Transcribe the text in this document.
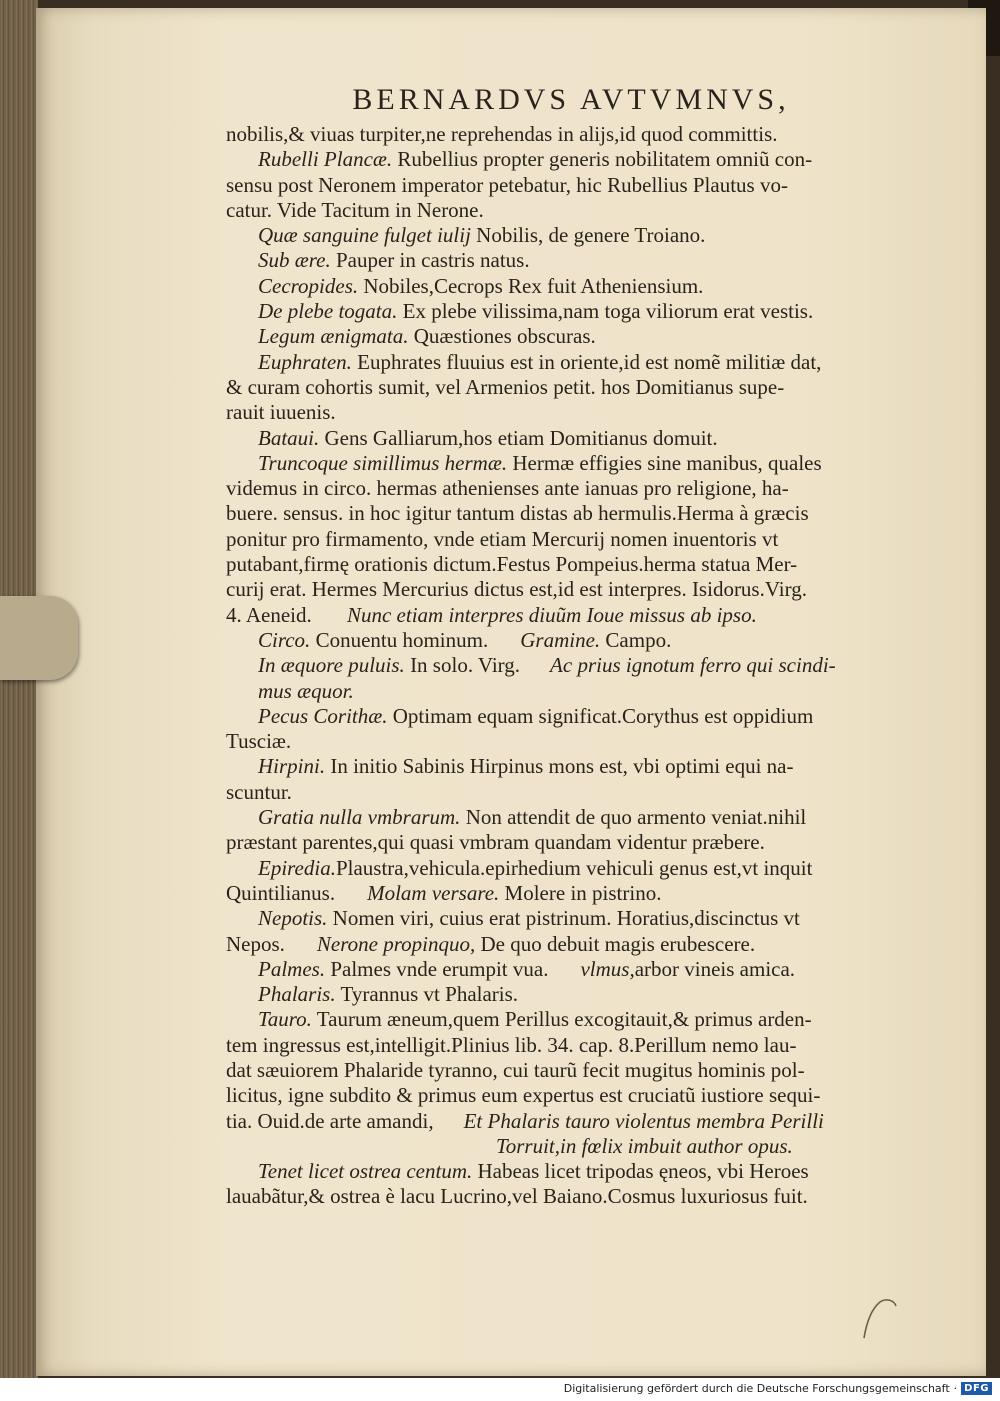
BERNARDVS AVTVMNVS,
nobilis,& viuas turpiter,ne reprehendas in alijs,id quod committis.
Rubelli Plancæ. Rubellius propter generis nobilitatem omniũ con-
sensu post Neronem imperator petebatur, hic Rubellius Plautus vo-
catur. Vide Tacitum in Nerone.
Quæ sanguine fulget iulij Nobilis, de genere Troiano.
Sub ære. Pauper in castris natus.
Cecropides. Nobiles,Cecrops Rex fuit Atheniensium.
De plebe togata. Ex plebe vilissima,nam toga viliorum erat vestis.
Legum ænigmata. Quæstiones obscuras.
Euphraten. Euphrates fluuius est in oriente,id est nomẽ militiæ dat,
& curam cohortis sumit, vel Armenios petit. hos Domitianus supe-
rauit iuuenis.
Bataui. Gens Galliarum,hos etiam Domitianus domuit.
Truncoque simillimus hermæ. Hermæ effigies sine manibus, quales
videmus in circo. hermas athenienses ante ianuas pro religione, ha-
buere. sensus. in hoc igitur tantum distas ab hermulis.Herma à græcis
ponitur pro firmamento, vnde etiam Mercurij nomen inuentoris vt
putabant,firmę orationis dictum.Festus Pompeius.herma statua Mer-
curij erat. Hermes Mercurius dictus est,id est interpres. Isidorus.Virg.
4. Aeneid. Nunc etiam interpres diuũm Ioue missus ab ipso.
Circo. Conuentu hominum. Gramine. Campo.
In æquore puluis. In solo. Virg. Ac prius ignotum ferro qui scindi-
mus æquor.
Pecus Corithæ. Optimam equam significat.Corythus est oppidium
Tusciæ.
Hirpini. In initio Sabinis Hirpinus mons est, vbi optimi equi na-
scuntur.
Gratia nulla vmbrarum. Non attendit de quo armento veniat.nihil
præstant parentes,qui quasi vmbram quandam videntur præbere.
Epiredia.Plaustra,vehicula.epirhedium vehiculi genus est,vt inquit
Quintilianus. Molam versare. Molere in pistrino.
Nepotis. Nomen viri, cuius erat pistrinum. Horatius,discinctus vt
Nepos. Nerone propinquo, De quo debuit magis erubescere.
Palmes. Palmes vnde erumpit vua. vlmus,arbor vineis amica.
Phalaris. Tyrannus vt Phalaris.
Tauro. Taurum æneum,quem Perillus excogitauit,& primus arden-
tem ingressus est,intelligit.Plinius lib. 34. cap. 8.Perillum nemo lau-
dat sæuiorem Phalaride tyranno, cui taurũ fecit mugitus hominis pol-
licitus, igne subdito & primus eum expertus est cruciatũ iustiore sequi-
tia. Ouid.de arte amandi, Et Phalaris tauro violentus membra Perilli
Torruit,in fœlix imbuit author opus.
Tenet licet ostrea centum. Habeas licet tripodas ęneos, vbi Heroes
lauabãtur,& ostrea è lacu Lucrino,vel Baiano.Cosmus luxuriosus fuit.
Digitalisierung gefördert durch die Deutsche Forschungsgemeinschaft · DFG
